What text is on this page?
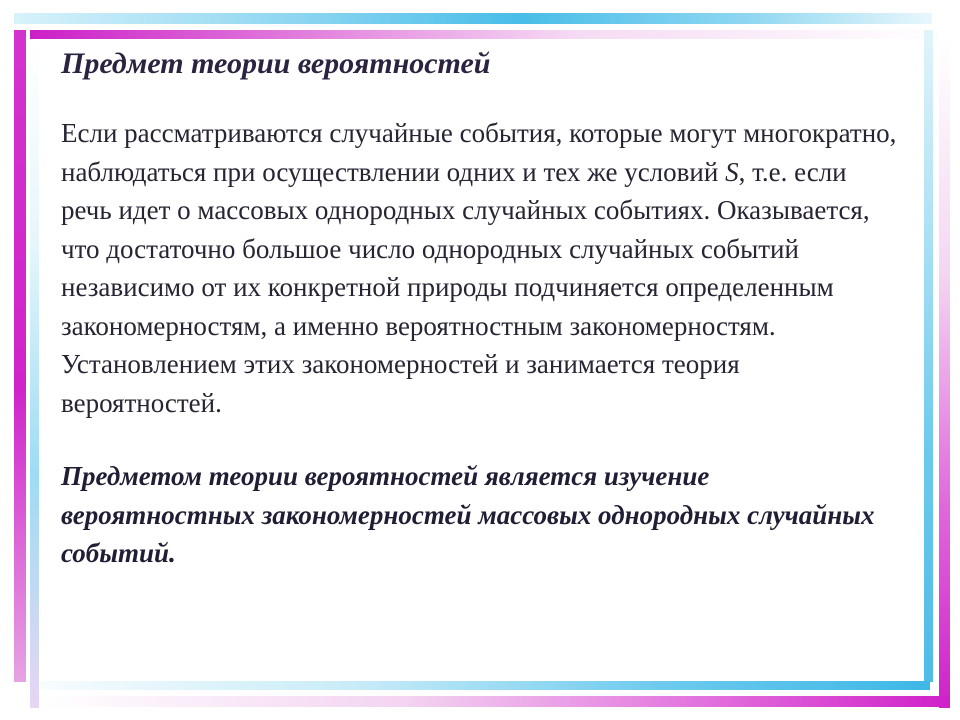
Предмет теории вероятностей

Если рассматриваются случайные события, которые могут многократно, наблюдаться при осуществлении одних и тех же условий S, т.е. если речь идет о массовых однородных случайных событиях. Оказывается, что достаточно большое число однородных случайных событий независимо от их конкретной природы подчиняется определенным закономерностям, а именно вероятностным закономерностям. Установлением этих закономерностей и занимается теория вероятностей.

Предметом теории вероятностей является изучение вероятностных закономерностей массовых однородных случайных событий.
